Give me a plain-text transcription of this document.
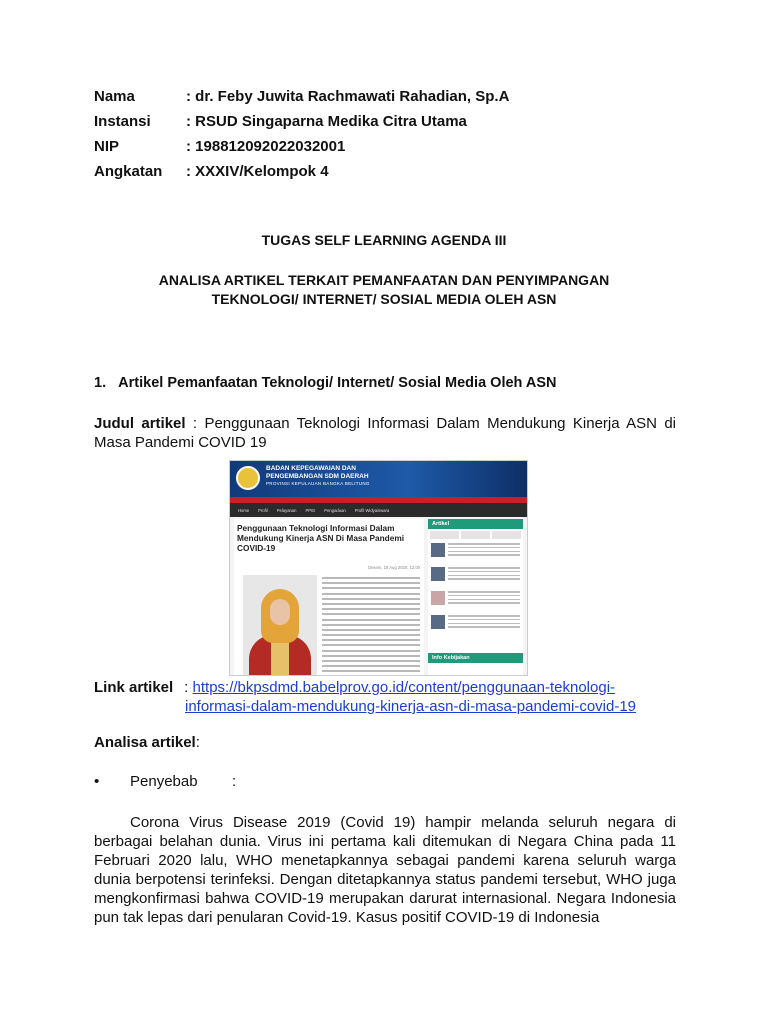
Nama	: dr. Feby Juwita Rachmawati Rahadian, Sp.A
Instansi	: RSUD Singaparna Medika Citra Utama
NIP	: 198812092022032001
Angkatan	: XXXIV/Kelompok 4
TUGAS SELF LEARNING AGENDA III
ANALISA ARTIKEL TERKAIT PEMANFAATAN DAN PENYIMPANGAN
TEKNOLOGI/ INTERNET/ SOSIAL MEDIA OLEH ASN
1.   Artikel Pemanfaatan Teknologi/ Internet/ Sosial Media Oleh ASN
Judul artikel : Penggunaan Teknologi Informasi Dalam Mendukung Kinerja ASN di Masa Pandemi COVID 19
BADAN KEPEGAWAIAN DAN
PENGEMBANGAN SDM DAERAH
PROVINSI KEPULAUAN BANGKA BELITUNG
Home Profil Pelayanan PPID Pengaduan Profil Widyaiswara
Penggunaan Teknologi Informasi Dalam Mendukung Kinerja ASN Di Masa Pandemi COVID-19
Desem, 18 Aug 2020, 12:00
Artikel
Info Kebijakan
Link artikel : https://bkpsdmd.babelprov.go.id/content/penggunaan-teknologi-
informasi-dalam-mendukung-kinerja-asn-di-masa-pandemi-covid-19
Analisa artikel:
• Penyebab :
Corona Virus Disease 2019 (Covid 19) hampir melanda seluruh negara di berbagai belahan dunia. Virus ini pertama kali ditemukan di Negara China pada 11 Februari 2020 lalu, WHO menetapkannya sebagai pandemi karena seluruh warga dunia berpotensi terinfeksi. Dengan ditetapkannya status pandemi tersebut, WHO juga mengkonfirmasi bahwa COVID-19 merupakan darurat internasional. Negara Indonesia pun tak lepas dari penularan Covid-19. Kasus positif COVID-19 di Indonesia
